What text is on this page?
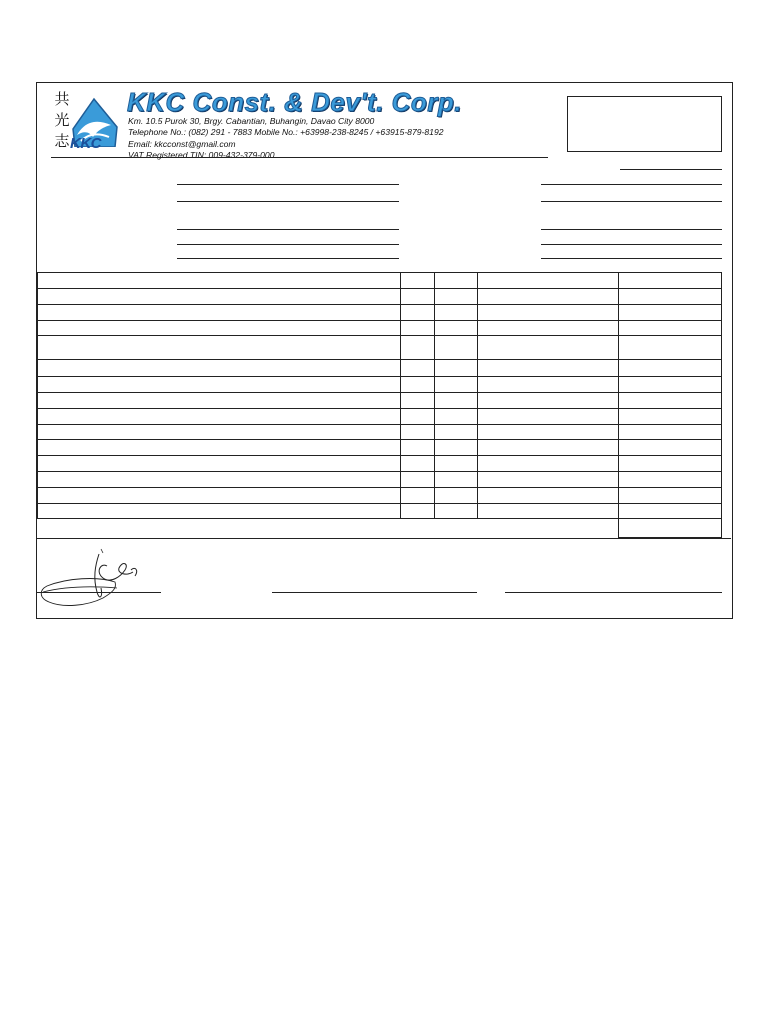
共
光
志 KKC
KKC Const. & Dev't. Corp.
Km. 10.5 Purok 30, Brgy. Cabantian, Buhangin, Davao City 8000
Telephone No.: (082) 291 - 7883 Mobile No.: +63998-238-8245 / +63915-879-8192
Email: kkcconst@gmail.com
VAT Registered TIN: 009-432-379-000
